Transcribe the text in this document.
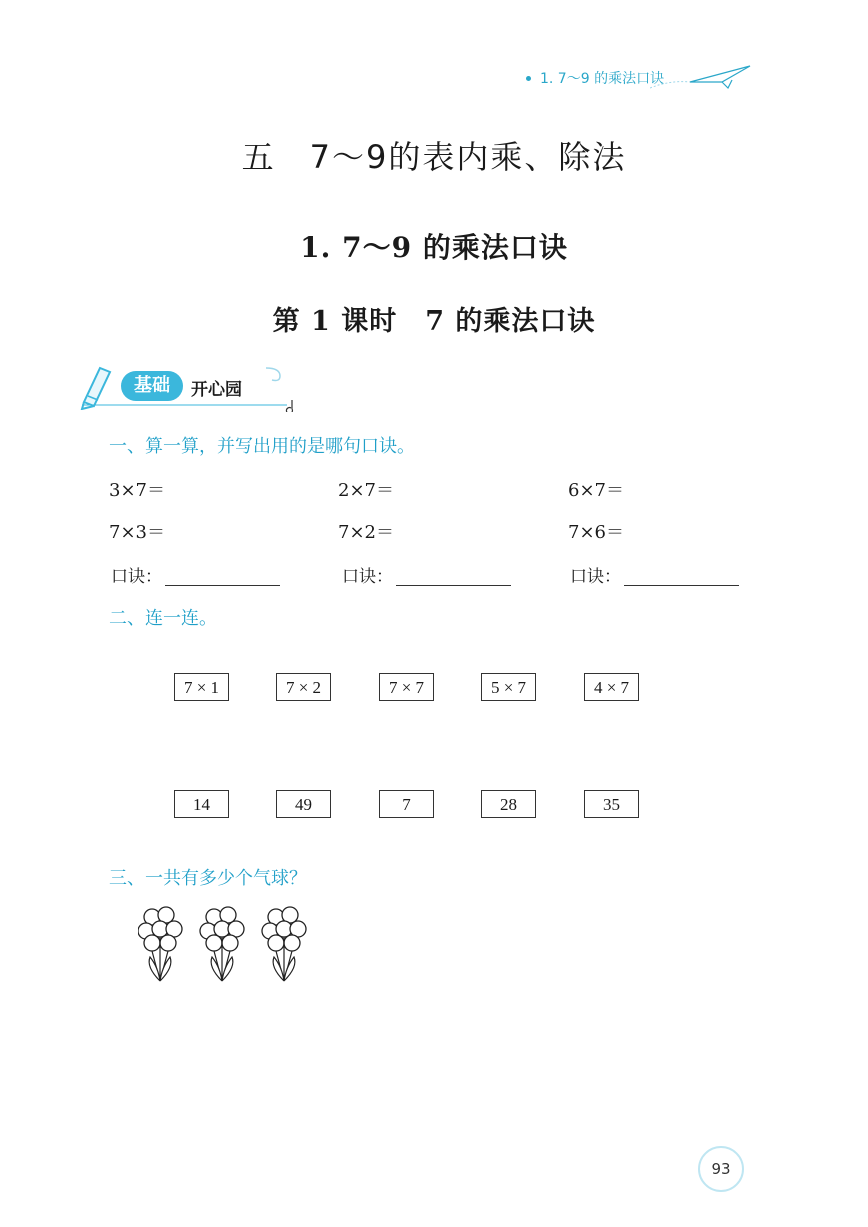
1. 7～9 的乘法口诀
五　7～9的表内乘、除法
1. 7～9 的乘法口诀
第 1 课时　7 的乘法口诀
基础	开心园
一、算一算，并写出用的是哪句口诀。
3×7＝	2×7＝	6×7＝
7×3＝	7×2＝	7×6＝
口诀：	口诀：	口诀：
二、连一连。
7 × 1	7 × 2	7 × 7	5 × 7	4 × 7
14	49	7	28	35
三、一共有多少个气球？
93
